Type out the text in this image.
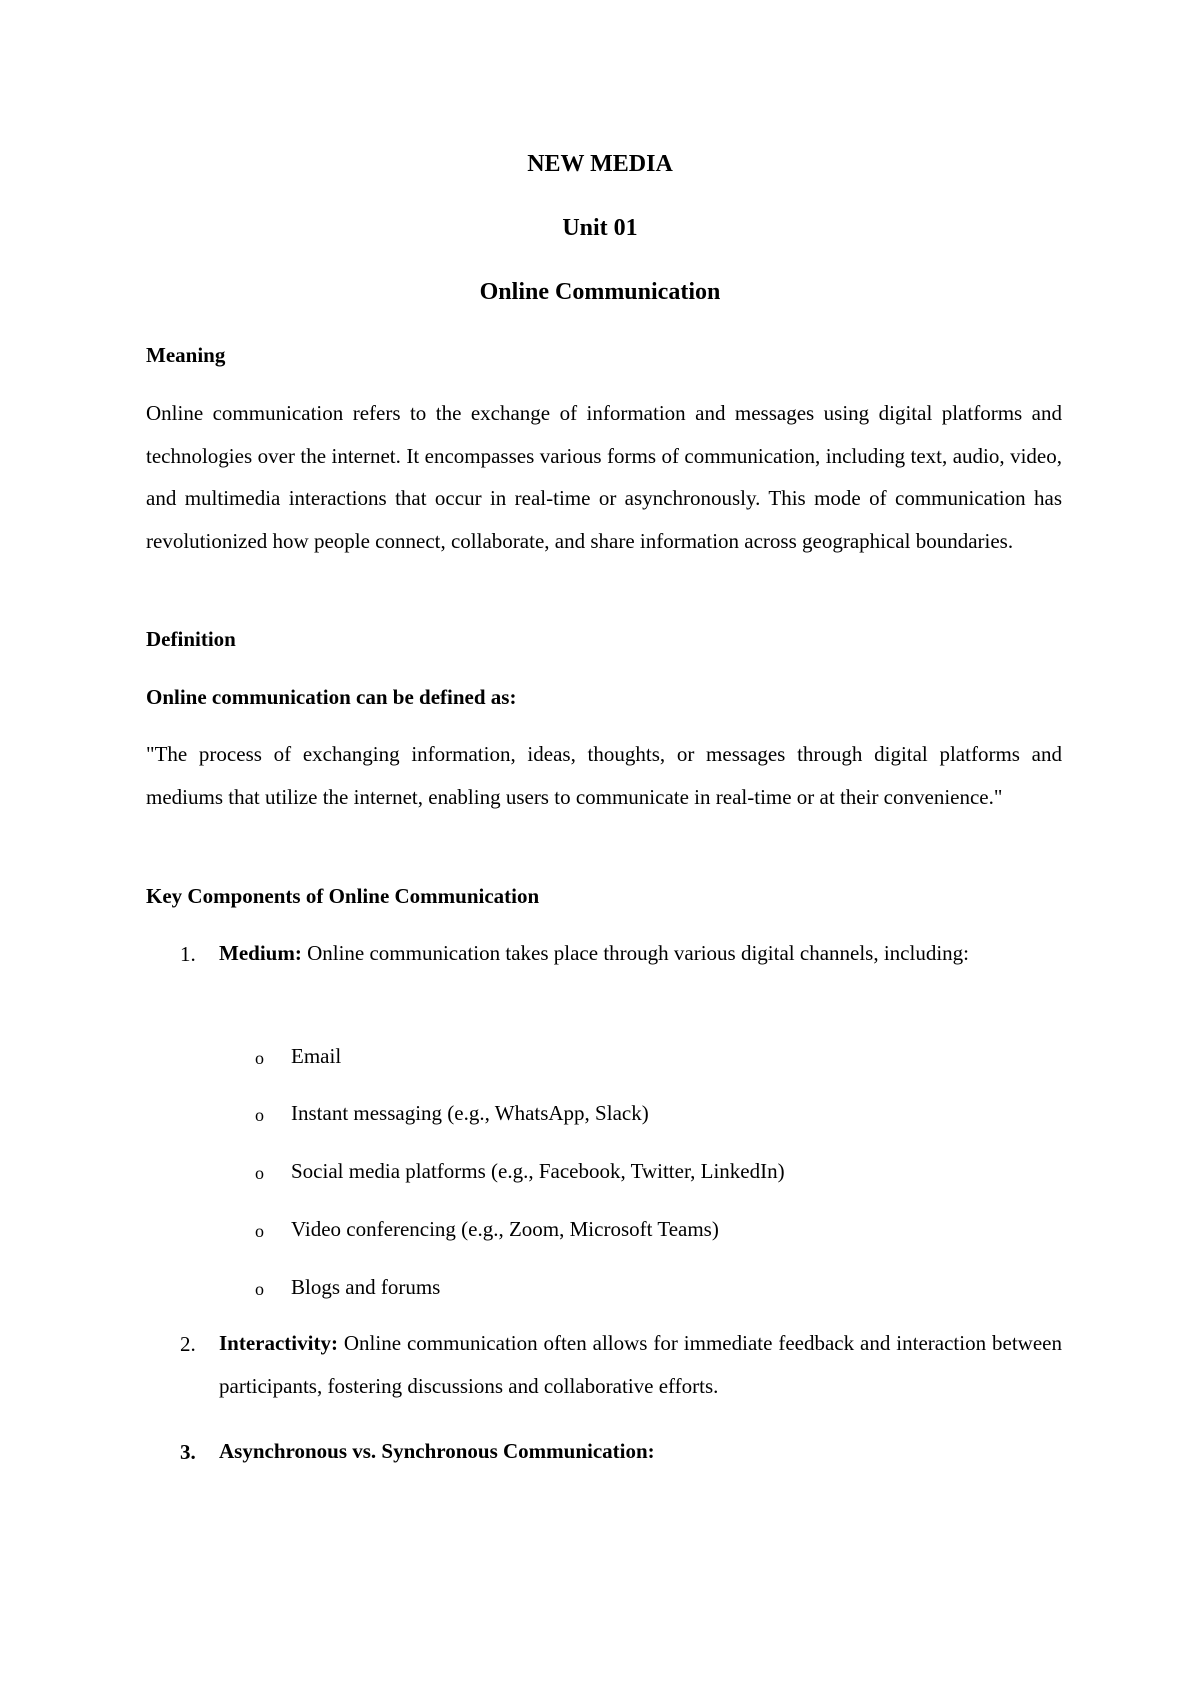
NEW MEDIA
Unit 01
Online Communication
Meaning

Online communication refers to the exchange of information and messages using digital platforms and technologies over the internet. It encompasses various forms of communication, including text, audio, video, and multimedia interactions that occur in real-time or asynchronously. This mode of communication has revolutionized how people connect, collaborate, and share information across geographical boundaries.

Definition
Online communication can be defined as:

"The process of exchanging information, ideas, thoughts, or messages through digital platforms and mediums that utilize the internet, enabling users to communicate in real-time or at their convenience."

Key Components of Online Communication
1. Medium: Online communication takes place through various digital channels, including:

o Email
o Instant messaging (e.g., WhatsApp, Slack)
o Social media platforms (e.g., Facebook, Twitter, LinkedIn)
o Video conferencing (e.g., Zoom, Microsoft Teams)
o Blogs and forums
2. Interactivity: Online communication often allows for immediate feedback and interaction between participants, fostering discussions and collaborative efforts.

3. Asynchronous vs. Synchronous Communication:
